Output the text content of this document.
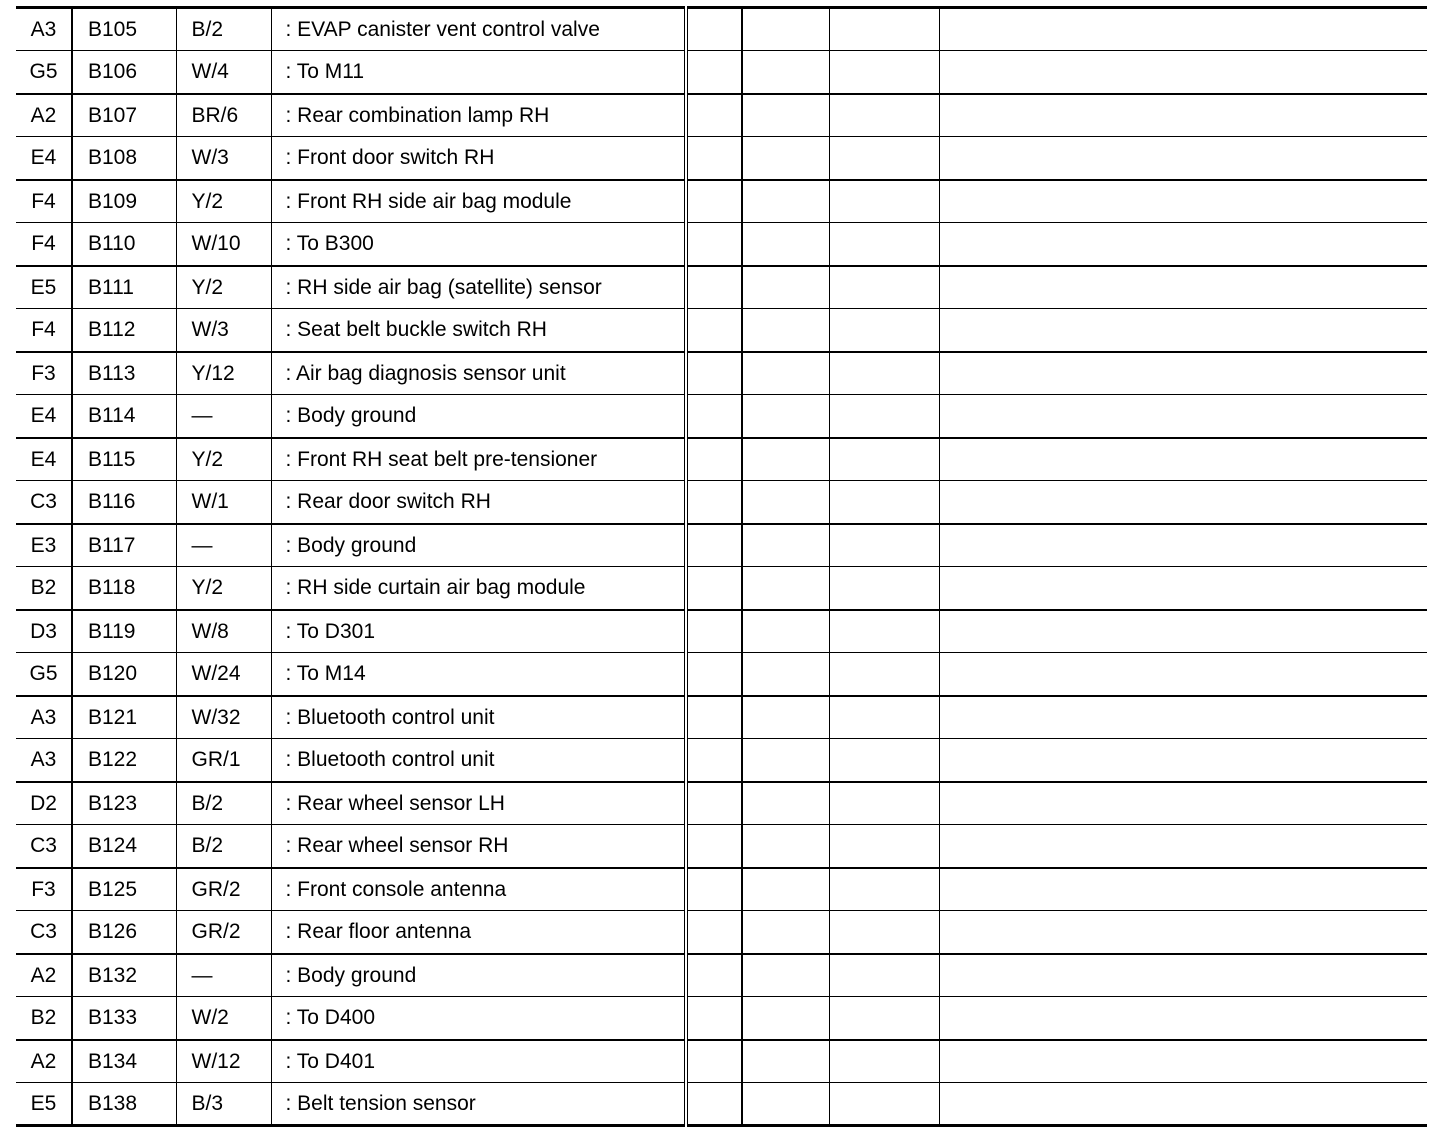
A3	B105	B/2	: EVAP canister vent control valve				
G5	B106	W/4	: To M11				
A2	B107	BR/6	: Rear combination lamp RH				
E4	B108	W/3	: Front door switch RH				
F4	B109	Y/2	: Front RH side air bag module				
F4	B110	W/10	: To B300				
E5	B111	Y/2	: RH side air bag (satellite) sensor				
F4	B112	W/3	: Seat belt buckle switch RH				
F3	B113	Y/12	: Air bag diagnosis sensor unit				
E4	B114	—	: Body ground				
E4	B115	Y/2	: Front RH seat belt pre-tensioner				
C3	B116	W/1	: Rear door switch RH				
E3	B117	—	: Body ground				
B2	B118	Y/2	: RH side curtain air bag module				
D3	B119	W/8	: To D301				
G5	B120	W/24	: To M14				
A3	B121	W/32	: Bluetooth control unit				
A3	B122	GR/1	: Bluetooth control unit				
D2	B123	B/2	: Rear wheel sensor LH				
C3	B124	B/2	: Rear wheel sensor RH				
F3	B125	GR/2	: Front console antenna				
C3	B126	GR/2	: Rear floor antenna				
A2	B132	—	: Body ground				
B2	B133	W/2	: To D400				
A2	B134	W/12	: To D401				
E5	B138	B/3	: Belt tension sensor				
